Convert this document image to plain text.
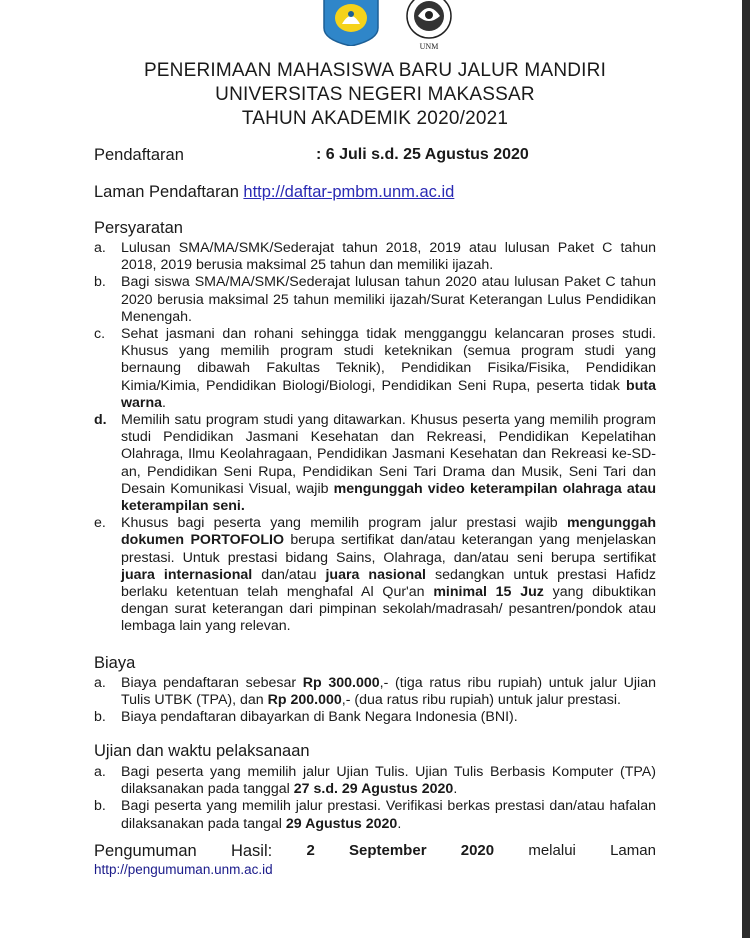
UNM
PENERIMAAN MAHASISWA BARU JALUR MANDIRI
UNIVERSITAS NEGERI MAKASSAR
TAHUN AKADEMIK 2020/2021
Pendaftaran	: 6 Juli s.d. 25 Agustus 2020
Laman Pendaftaran http://daftar-pmbm.unm.ac.id
Persyaratan
a. Lulusan SMA/MA/SMK/Sederajat tahun 2018, 2019 atau lulusan Paket C tahun 2018, 2019 berusia maksimal 25 tahun dan memiliki ijazah.
b. Bagi siswa SMA/MA/SMK/Sederajat lulusan tahun 2020 atau lulusan Paket C tahun 2020 berusia maksimal 25 tahun memiliki ijazah/Surat Keterangan Lulus Pendidikan Menengah.
c. Sehat jasmani dan rohani sehingga tidak mengganggu kelancaran proses studi. Khusus yang memilih program studi keteknikan (semua program studi yang bernaung dibawah Fakultas Teknik), Pendidikan Fisika/Fisika, Pendidikan Kimia/Kimia, Pendidikan Biologi/Biologi, Pendidikan Seni Rupa, peserta tidak buta warna.
d. Memilih satu program studi yang ditawarkan. Khusus peserta yang memilih program studi Pendidikan Jasmani Kesehatan dan Rekreasi, Pendidikan Kepelatihan Olahraga, Ilmu Keolahragaan, Pendidikan Jasmani Kesehatan dan Rekreasi ke-SD-an, Pendidikan Seni Rupa, Pendidikan Seni Tari Drama dan Musik, Seni Tari dan Desain Komunikasi Visual, wajib mengunggah video keterampilan olahraga atau keterampilan seni.
e. Khusus bagi peserta yang memilih program jalur prestasi wajib mengunggah dokumen PORTOFOLIO berupa sertifikat dan/atau keterangan yang menjelaskan prestasi. Untuk prestasi bidang Sains, Olahraga, dan/atau seni berupa sertifikat juara internasional dan/atau juara nasional sedangkan untuk prestasi Hafidz berlaku ketentuan telah menghafal Al Qur'an minimal 15 Juz yang dibuktikan dengan surat keterangan dari pimpinan sekolah/madrasah/ pesantren/pondok atau lembaga lain yang relevan.
Biaya
a. Biaya pendaftaran sebesar Rp 300.000,- (tiga ratus ribu rupiah) untuk jalur Ujian Tulis UTBK (TPA), dan Rp 200.000,- (dua ratus ribu rupiah) untuk jalur prestasi.
b. Biaya pendaftaran dibayarkan di Bank Negara Indonesia (BNI).
Ujian dan waktu pelaksanaan
a. Bagi peserta yang memilih jalur Ujian Tulis. Ujian Tulis Berbasis Komputer (TPA) dilaksanakan pada tanggal 27 s.d. 29 Agustus 2020.
b. Bagi peserta yang memilih jalur prestasi. Verifikasi berkas prestasi dan/atau hafalan dilaksanakan pada tangal 29 Agustus 2020.
Pengumuman Hasil: 2 September 2020 melalui Laman
http://pengumuman.unm.ac.id
